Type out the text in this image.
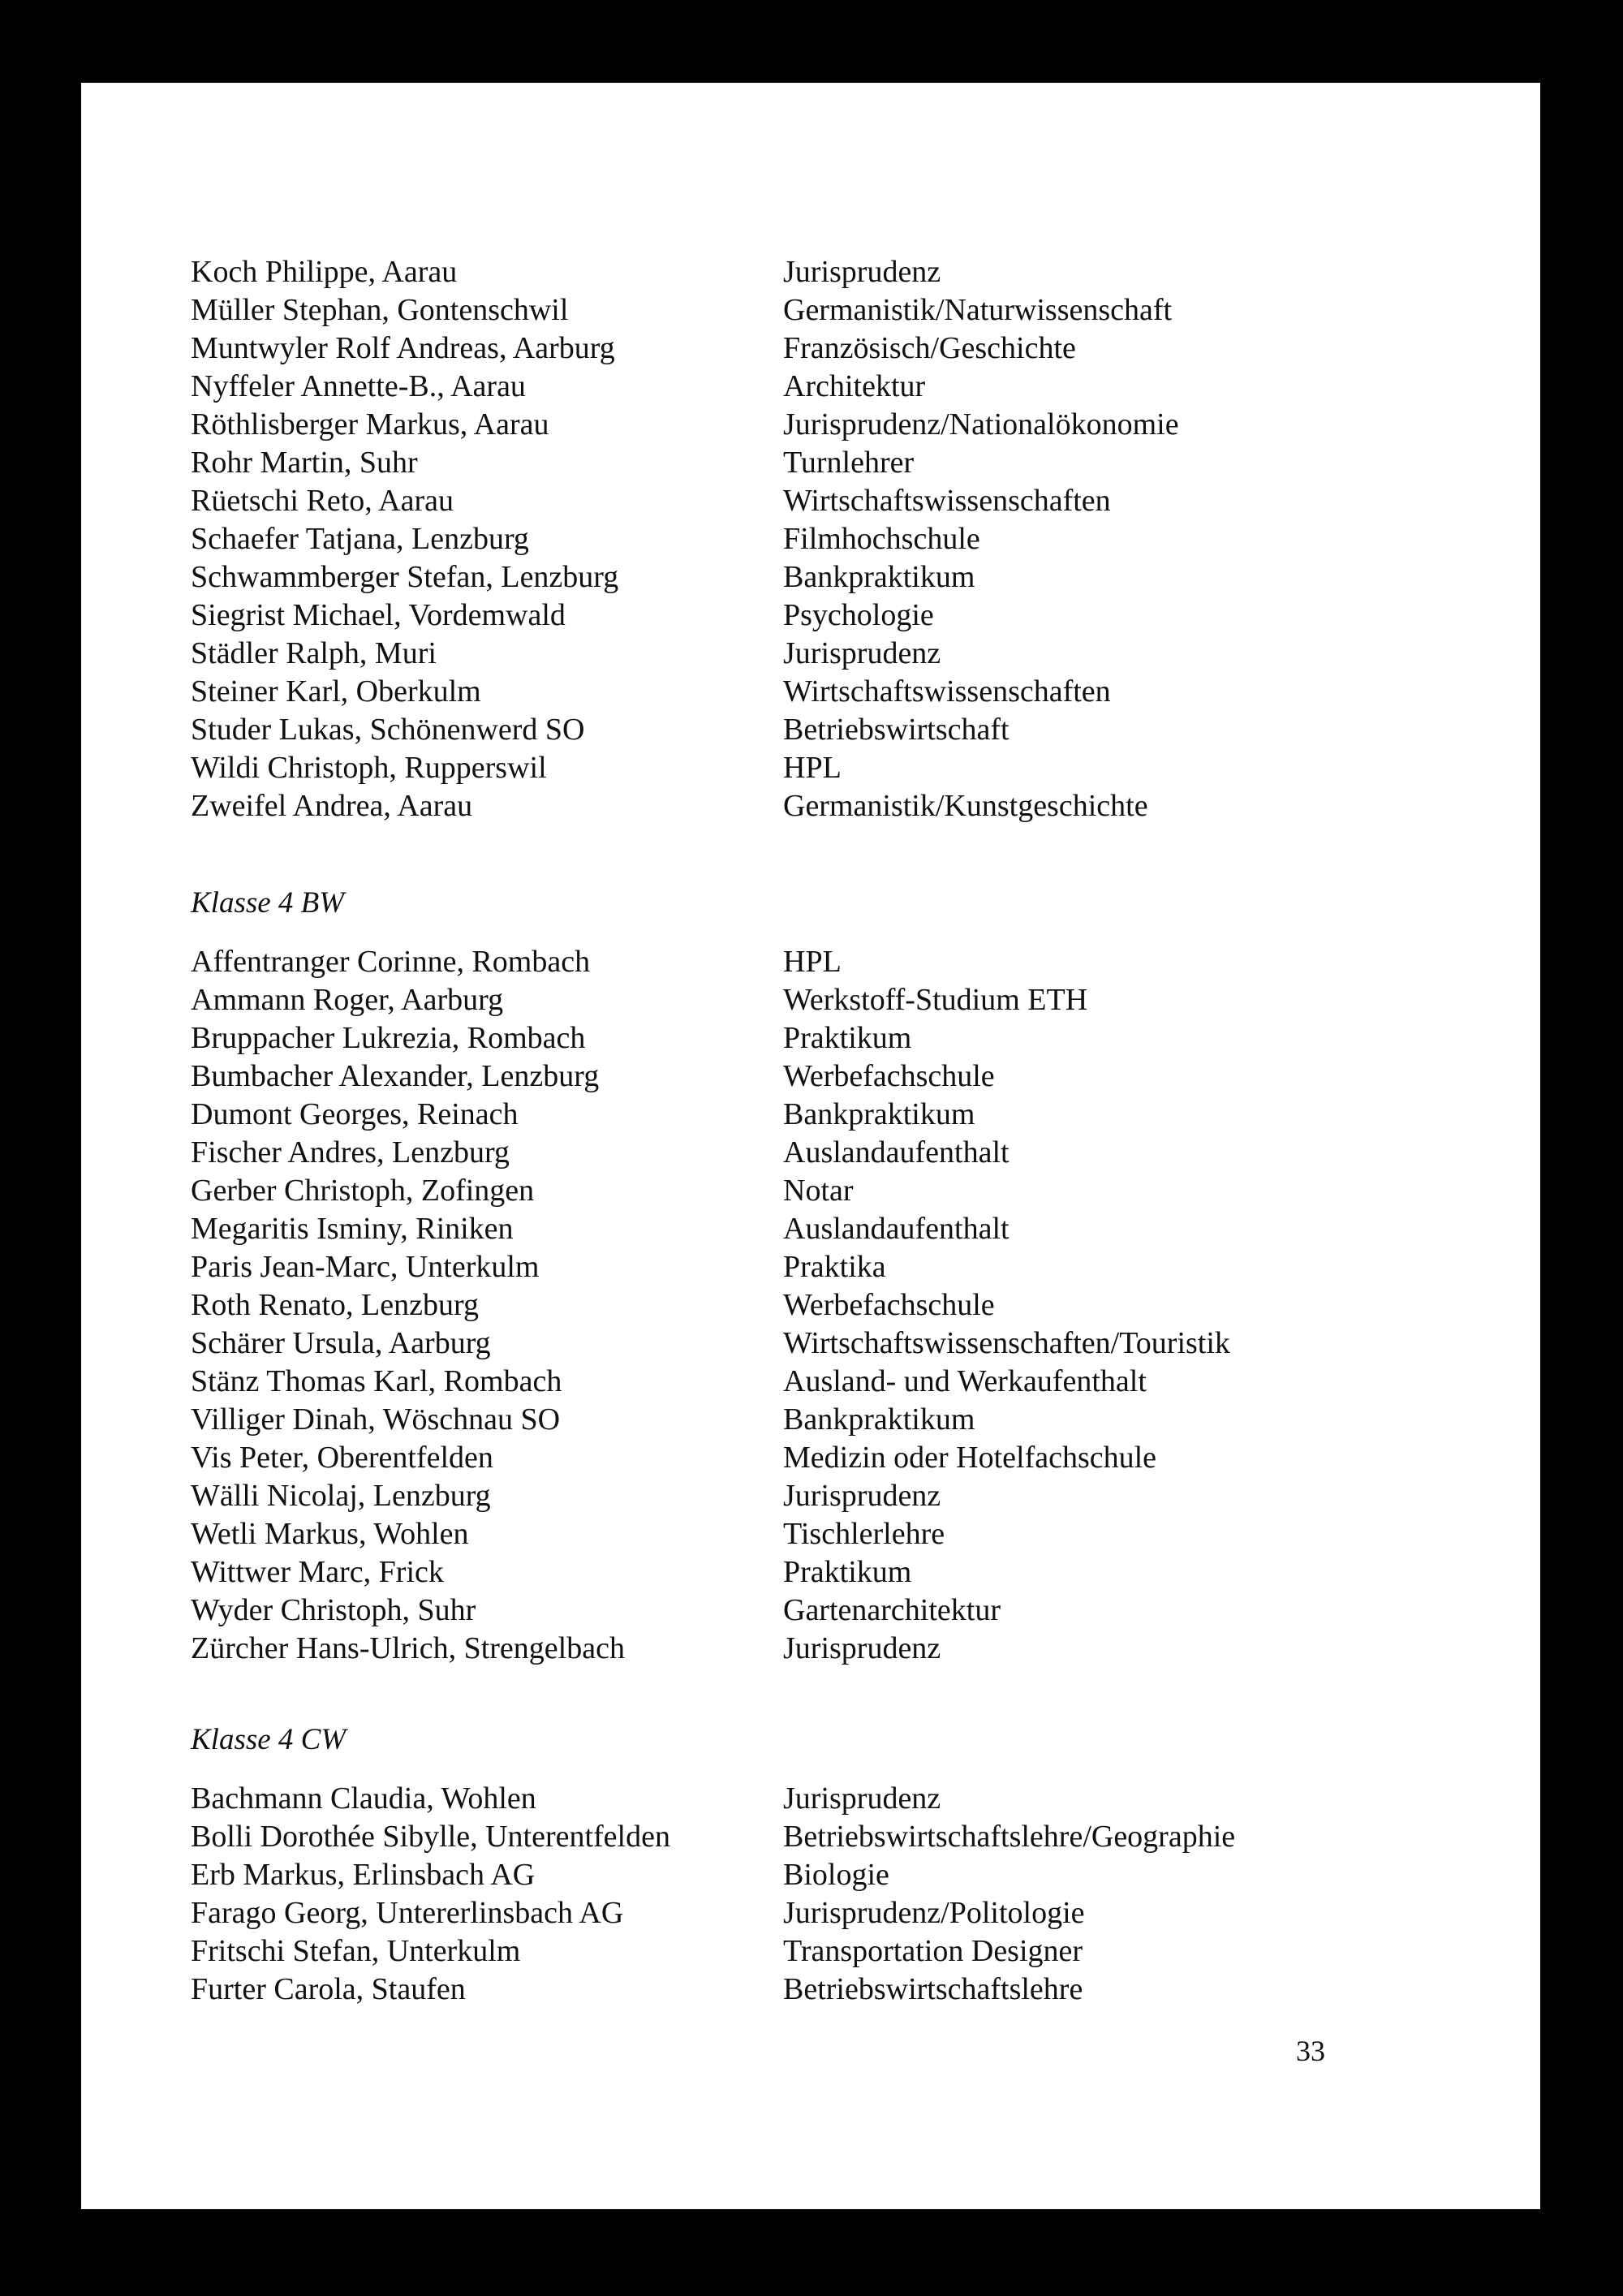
Koch Philippe, Aarau	Jurisprudenz
Müller Stephan, Gontenschwil	Germanistik/Naturwissenschaft
Muntwyler Rolf Andreas, Aarburg	Französisch/Geschichte
Nyffeler Annette-B., Aarau	Architektur
Röthlisberger Markus, Aarau	Jurisprudenz/Nationalökonomie
Rohr Martin, Suhr	Turnlehrer
Rüetschi Reto, Aarau	Wirtschaftswissenschaften
Schaefer Tatjana, Lenzburg	Filmhochschule
Schwammberger Stefan, Lenzburg	Bankpraktikum
Siegrist Michael, Vordemwald	Psychologie
Städler Ralph, Muri	Jurisprudenz
Steiner Karl, Oberkulm	Wirtschaftswissenschaften
Studer Lukas, Schönenwerd SO	Betriebswirtschaft
Wildi Christoph, Rupperswil	HPL
Zweifel Andrea, Aarau	Germanistik/Kunstgeschichte
Klasse 4 BW
Affentranger Corinne, Rombach	HPL
Ammann Roger, Aarburg	Werkstoff-Studium ETH
Bruppacher Lukrezia, Rombach	Praktikum
Bumbacher Alexander, Lenzburg	Werbefachschule
Dumont Georges, Reinach	Bankpraktikum
Fischer Andres, Lenzburg	Auslandaufenthalt
Gerber Christoph, Zofingen	Notar
Megaritis Isminy, Riniken	Auslandaufenthalt
Paris Jean-Marc, Unterkulm	Praktika
Roth Renato, Lenzburg	Werbefachschule
Schärer Ursula, Aarburg	Wirtschaftswissenschaften/Touristik
Stänz Thomas Karl, Rombach	Ausland- und Werkaufenthalt
Villiger Dinah, Wöschnau SO	Bankpraktikum
Vis Peter, Oberentfelden	Medizin oder Hotelfachschule
Wälli Nicolaj, Lenzburg	Jurisprudenz
Wetli Markus, Wohlen	Tischlerlehre
Wittwer Marc, Frick	Praktikum
Wyder Christoph, Suhr	Gartenarchitektur
Zürcher Hans-Ulrich, Strengelbach	Jurisprudenz
Klasse 4 CW
Bachmann Claudia, Wohlen	Jurisprudenz
Bolli Dorothée Sibylle, Unterentfelden	Betriebswirtschaftslehre/Geographie
Erb Markus, Erlinsbach AG	Biologie
Farago Georg, Untererlinsbach AG	Jurisprudenz/Politologie
Fritschi Stefan, Unterkulm	Transportation Designer
Furter Carola, Staufen	Betriebswirtschaftslehre
33
